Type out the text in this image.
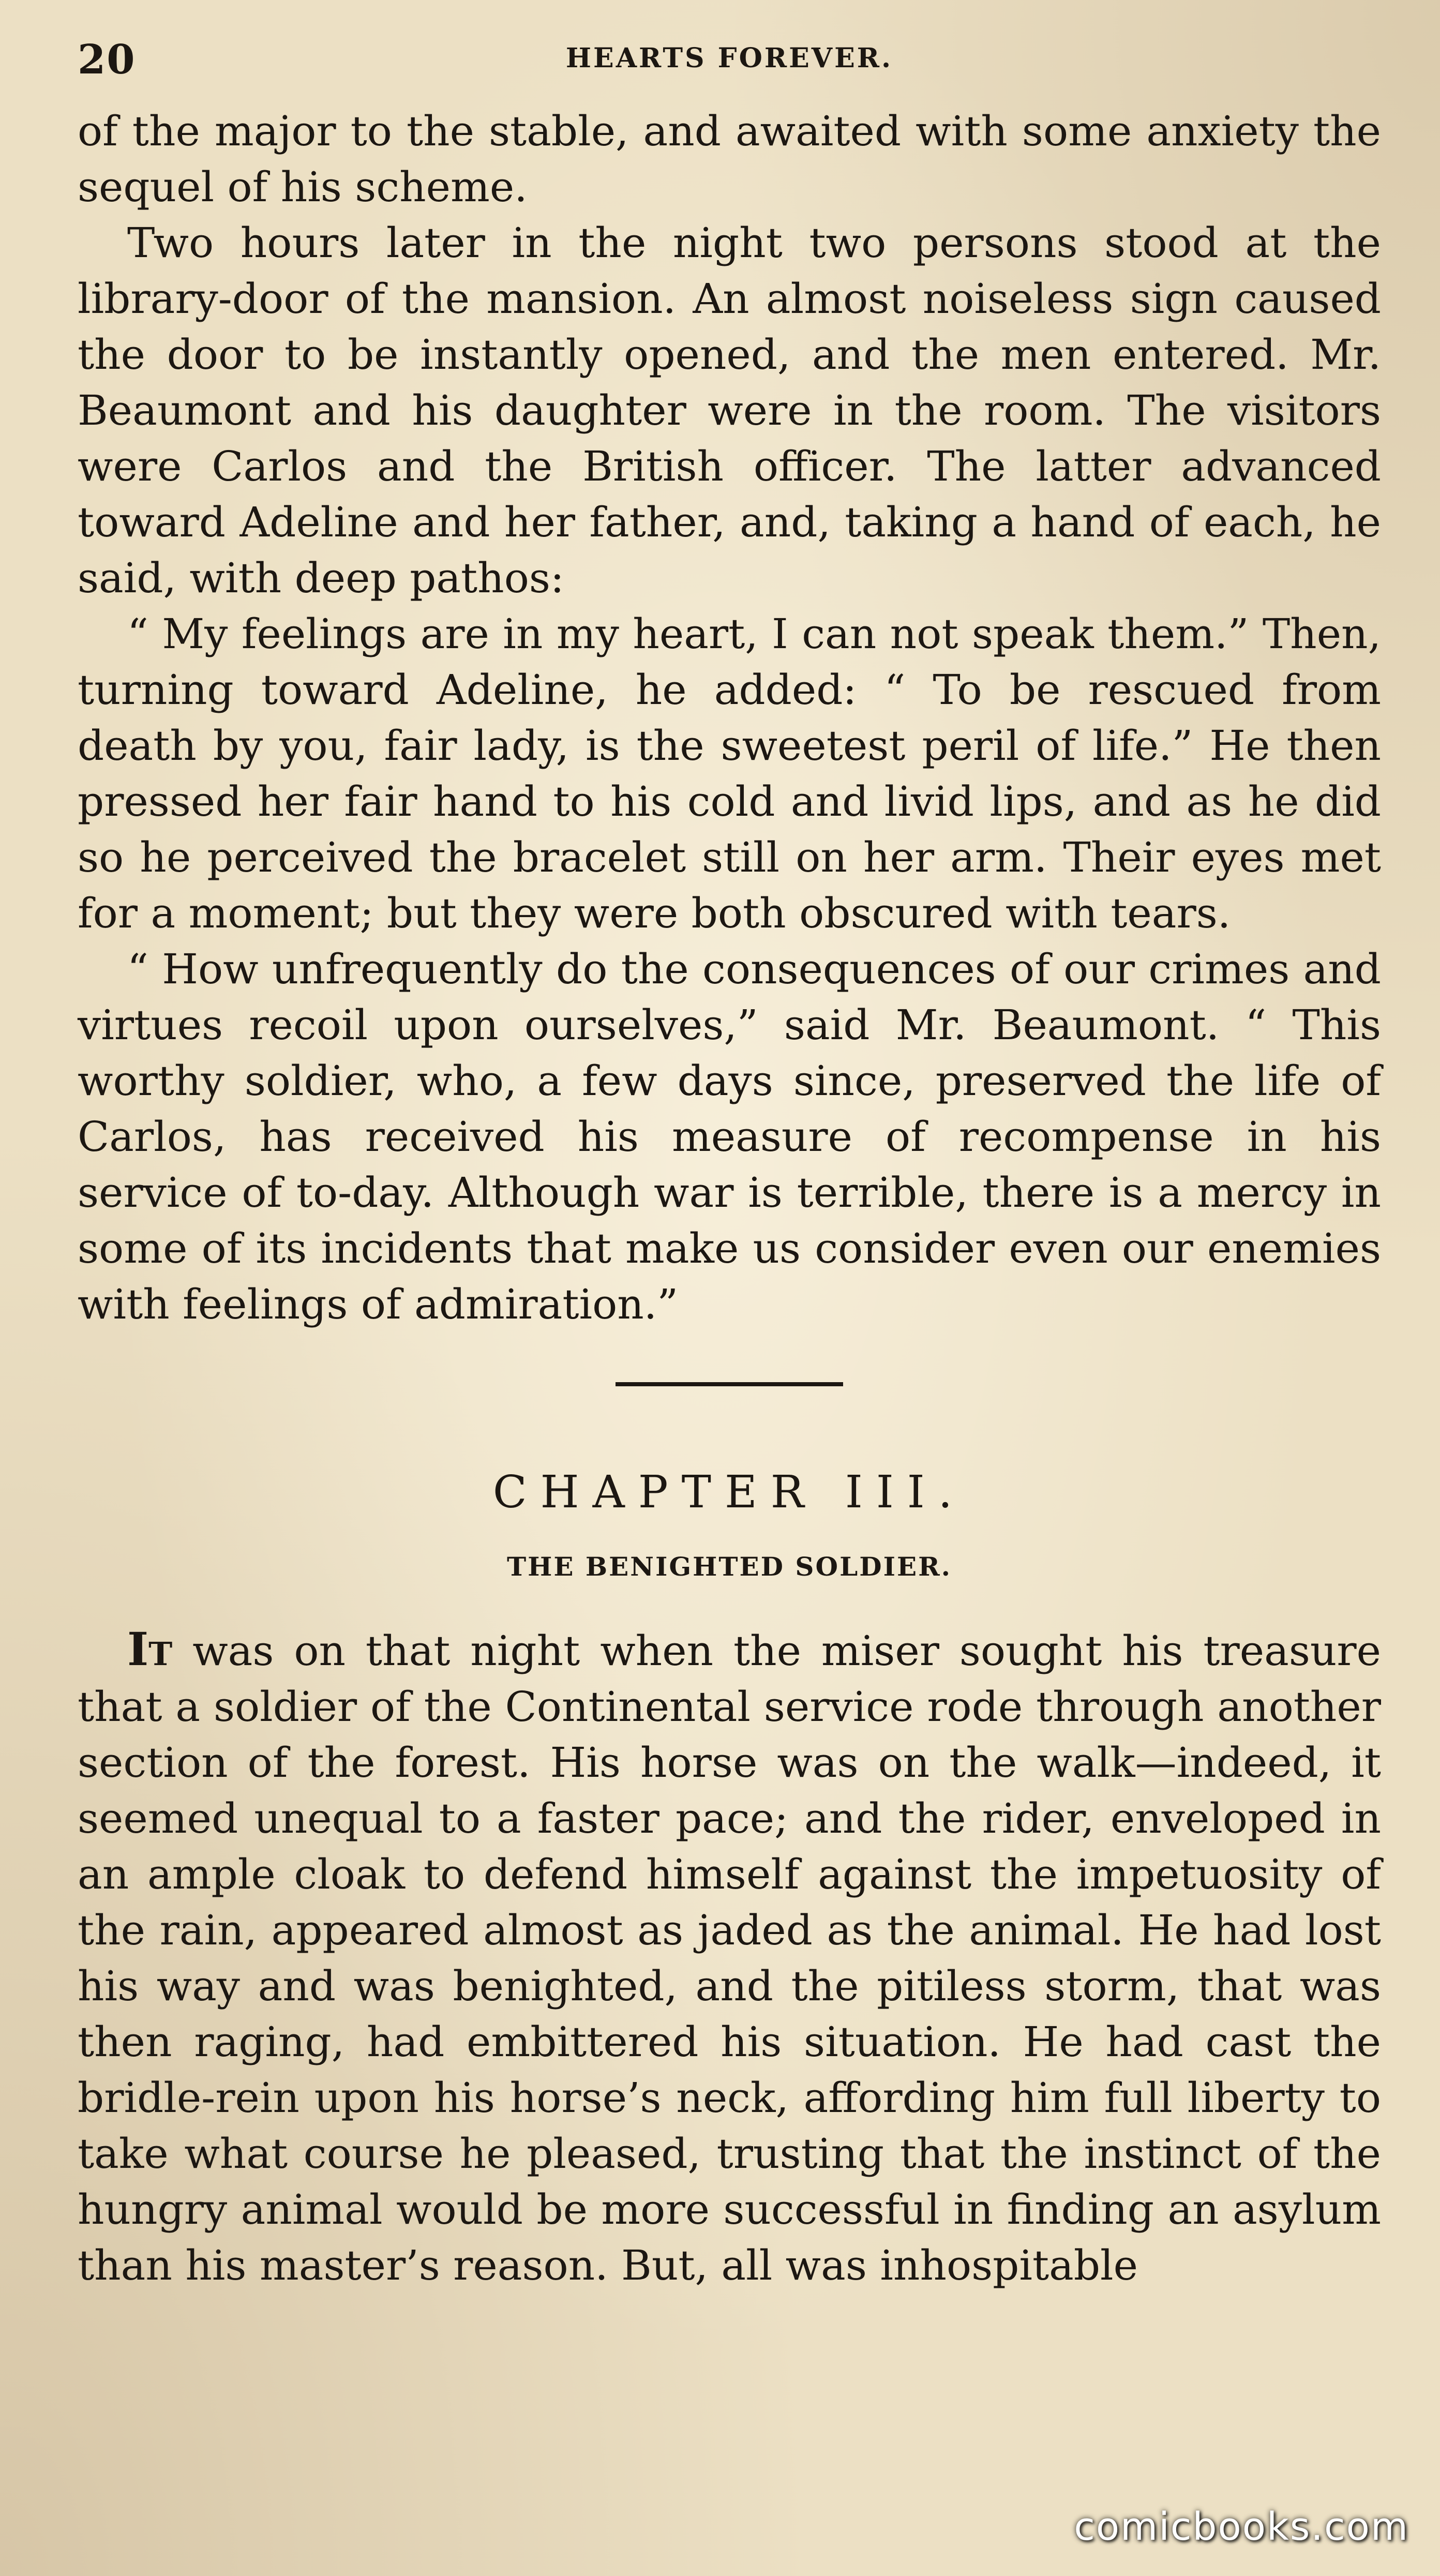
20	HEARTS FOREVER.

of the major to the stable, and awaited with some anxiety the sequel of his scheme.

Two hours later in the night two persons stood at the library-door of the mansion. An almost noiseless sign caused the door to be instantly opened, and the men entered. Mr. Beaumont and his daughter were in the room. The visitors were Carlos and the British officer. The latter advanced toward Adeline and her father, and, taking a hand of each, he said, with deep pathos:

“ My feelings are in my heart, I can not speak them.” Then, turning toward Adeline, he added: “ To be rescued from death by you, fair lady, is the sweetest peril of life.” He then pressed her fair hand to his cold and livid lips, and as he did so he perceived the bracelet still on her arm. Their eyes met for a moment; but they were both obscured with tears.

“ How unfrequently do the consequences of our crimes and virtues recoil upon ourselves,” said Mr. Beaumont. “ This worthy soldier, who, a few days since, preserved the life of Carlos, has received his measure of recompense in his service of to-day. Although war is terrible, there is a mercy in some of its incidents that make us consider even our enemies with feelings of admiration.”

CHAPTER III.
THE BENIGHTED SOLDIER.

It was on that night when the miser sought his treasure that a soldier of the Continental service rode through another section of the forest. His horse was on the walk—indeed, it seemed unequal to a faster pace; and the rider, enveloped in an ample cloak to defend himself against the impetuosity of the rain, appeared almost as jaded as the animal. He had lost his way and was benighted, and the pitiless storm, that was then raging, had embittered his situation. He had cast the bridle-rein upon his horse’s neck, affording him full liberty to take what course he pleased, trusting that the instinct of the hungry animal would be more successful in finding an asylum than his master’s reason. But, all was inhospitable

comicbooks.com
